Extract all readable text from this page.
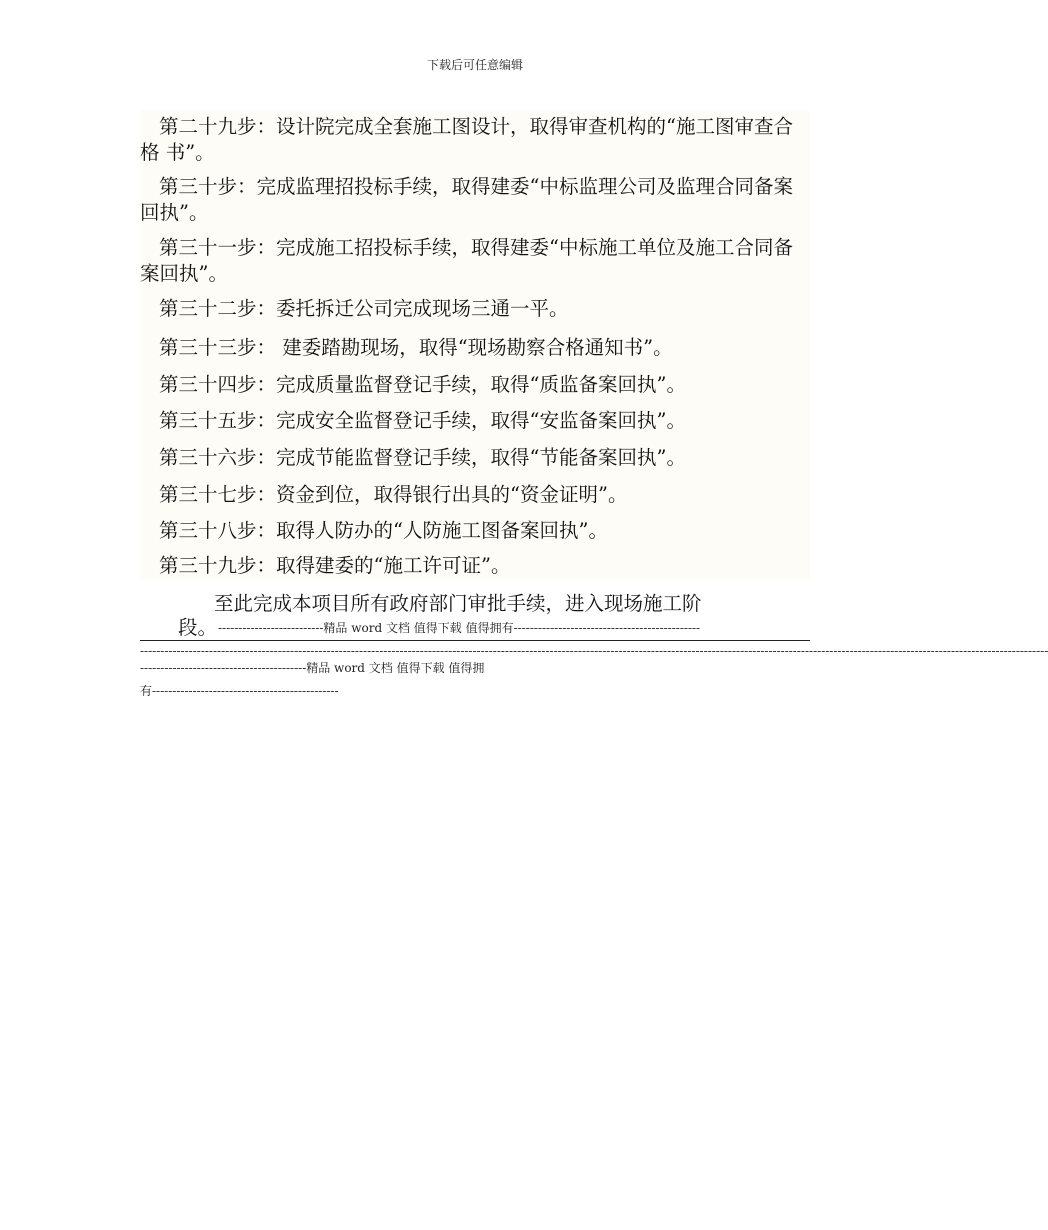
下载后可任意编辑
第二十九步：设计院完成全套施工图设计，取得审查机构的“施工图审查合格 书”。
第三十步：完成监理招投标手续，取得建委“中标监理公司及监理合同备案回执”。
第三十一步：完成施工招投标手续，取得建委“中标施工单位及施工合同备案回执”。
第三十二步：委托拆迁公司完成现场三通一平。
第三十三步： 建委踏勘现场，取得“现场勘察合格通知书”。
第三十四步：完成质量监督登记手续，取得“质监备案回执”。
第三十五步：完成安全监督登记手续，取得“安监备案回执”。
第三十六步：完成节能监督登记手续，取得“节能备案回执”。
第三十七步：资金到位，取得银行出具的“资金证明”。
第三十八步：取得人防办的“人防施工图备案回执”。
第三十九步：取得建委的“施工许可证”。
至此完成本项目所有政府部门审批手续，进入现场施工阶
段。 --------------------------精品 word 文档 值得下载 值得拥有----------------------------------------------
--------------------------------------------------------------------------------------------------------------------------------------------------------------------------------------------------------------------------------
-----------------------------------------精品 word 文档 值得下载 值得拥
有----------------------------------------------
